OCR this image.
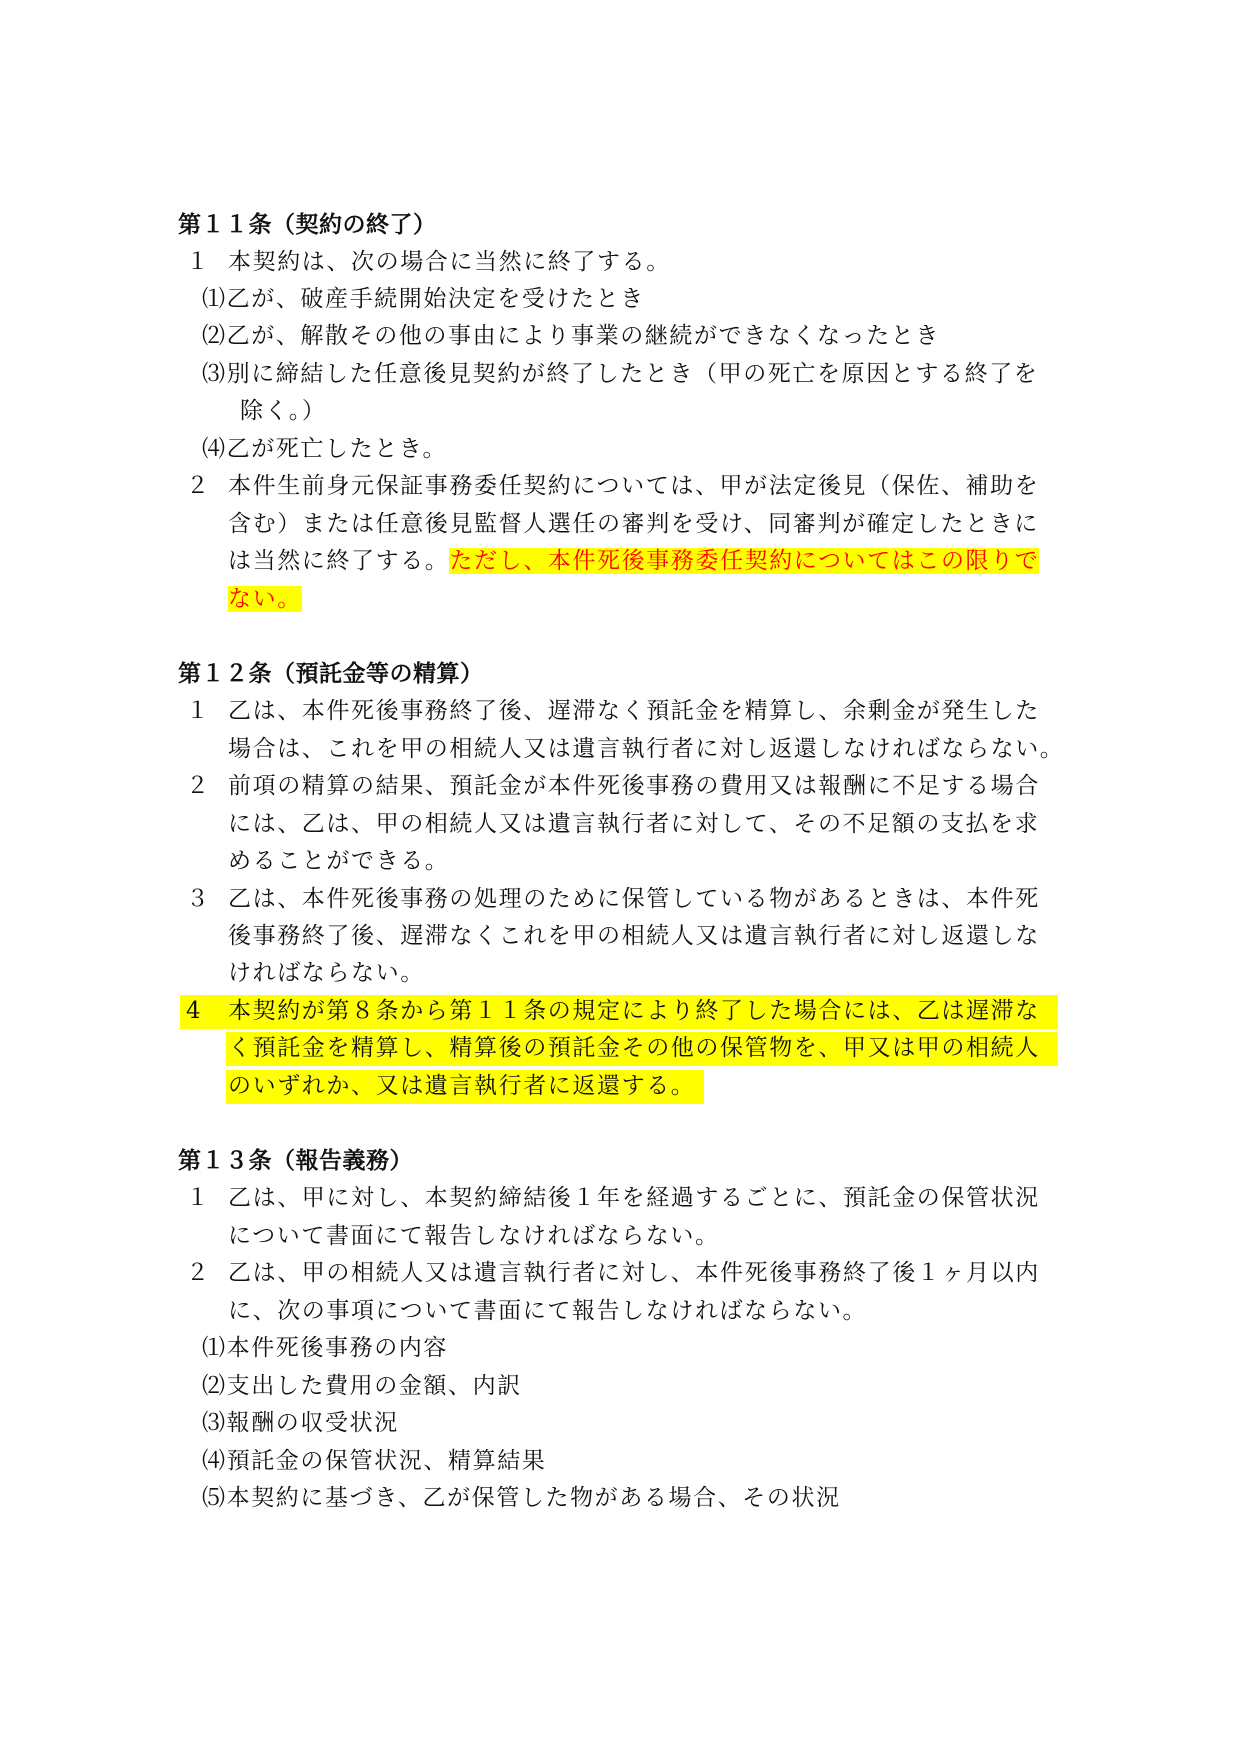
第１１条（契約の終了）
１ 本契約は、次の場合に当然に終了する。
⑴乙が、破産手続開始決定を受けたとき
⑵乙が、解散その他の事由により事業の継続ができなくなったとき
⑶別に締結した任意後見契約が終了したとき（甲の死亡を原因とする終了を
除く。）
⑷乙が死亡したとき。
２ 本件生前身元保証事務委任契約については、甲が法定後見（保佐、補助を
含む）または任意後見監督人選任の審判を受け、同審判が確定したときに
は当然に終了する。ただし、本件死後事務委任契約についてはこの限りで
ない。
第１２条（預託金等の精算）
１ 乙は、本件死後事務終了後、遅滞なく預託金を精算し、余剰金が発生した
場合は、これを甲の相続人又は遺言執行者に対し返還しなければならない。
２ 前項の精算の結果、預託金が本件死後事務の費用又は報酬に不足する場合
には、乙は、甲の相続人又は遺言執行者に対して、その不足額の支払を求
めることができる。
３ 乙は、本件死後事務の処理のために保管している物があるときは、本件死
後事務終了後、遅滞なくこれを甲の相続人又は遺言執行者に対し返還しな
ければならない。
4 本契約が第８条から第１１条の規定により終了した場合には、乙は遅滞な
く預託金を精算し、精算後の預託金その他の保管物を、甲又は甲の相続人
のいずれか、又は遺言執行者に返還する。
第１３条（報告義務）
１ 乙は、甲に対し、本契約締結後１年を経過するごとに、預託金の保管状況
について書面にて報告しなければならない。
２ 乙は、甲の相続人又は遺言執行者に対し、本件死後事務終了後１ヶ月以内
に、次の事項について書面にて報告しなければならない。
⑴本件死後事務の内容
⑵支出した費用の金額、内訳
⑶報酬の収受状況
⑷預託金の保管状況、精算結果
⑸本契約に基づき、乙が保管した物がある場合、その状況
